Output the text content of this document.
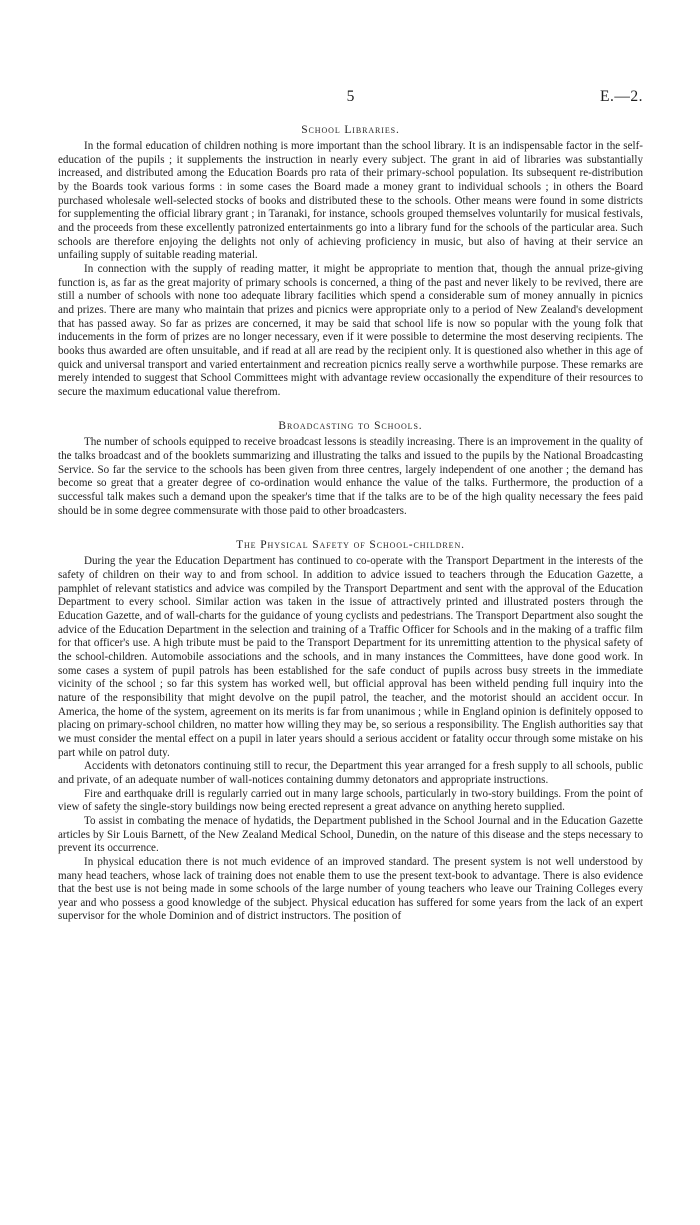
5	E.—2.
School Libraries.

In the formal education of children nothing is more important than the school library. It is an indispensable factor in the self-education of the pupils ; it supplements the instruction in nearly every subject. The grant in aid of libraries was substantially increased, and distributed among the Education Boards pro rata of their primary-school population. Its subsequent re-distribution by the Boards took various forms : in some cases the Board made a money grant to individual schools ; in others the Board purchased wholesale well-selected stocks of books and distributed these to the schools. Other means were found in some districts for supplementing the official library grant ; in Taranaki, for instance, schools grouped themselves voluntarily for musical festivals, and the proceeds from these excellently patronized entertainments go into a library fund for the schools of the particular area. Such schools are therefore enjoying the delights not only of achieving proficiency in music, but also of having at their service an unfailing supply of suitable reading material.

In connection with the supply of reading matter, it might be appropriate to mention that, though the annual prize-giving function is, as far as the great majority of primary schools is concerned, a thing of the past and never likely to be revived, there are still a number of schools with none too adequate library facilities which spend a considerable sum of money annually in picnics and prizes. There are many who maintain that prizes and picnics were appropriate only to a period of New Zealand's development that has passed away. So far as prizes are concerned, it may be said that school life is now so popular with the young folk that inducements in the form of prizes are no longer necessary, even if it were possible to determine the most deserving recipients. The books thus awarded are often unsuitable, and if read at all are read by the recipient only. It is questioned also whether in this age of quick and universal transport and varied entertainment and recreation picnics really serve a worthwhile purpose. These remarks are merely intended to suggest that School Committees might with advantage review occasionally the expenditure of their resources to secure the maximum educational value therefrom.

Broadcasting to Schools.

The number of schools equipped to receive broadcast lessons is steadily increasing. There is an improvement in the quality of the talks broadcast and of the booklets summarizing and illustrating the talks and issued to the pupils by the National Broadcasting Service. So far the service to the schools has been given from three centres, largely independent of one another ; the demand has become so great that a greater degree of co-ordination would enhance the value of the talks. Furthermore, the production of a successful talk makes such a demand upon the speaker's time that if the talks are to be of the high quality necessary the fees paid should be in some degree commensurate with those paid to other broadcasters.

The Physical Safety of School-children.

During the year the Education Department has continued to co-operate with the Transport Department in the interests of the safety of children on their way to and from school. In addition to advice issued to teachers through the Education Gazette, a pamphlet of relevant statistics and advice was compiled by the Transport Department and sent with the approval of the Education Department to every school. Similar action was taken in the issue of attractively printed and illustrated posters through the Education Gazette, and of wall-charts for the guidance of young cyclists and pedestrians. The Transport Department also sought the advice of the Education Department in the selection and training of a Traffic Officer for Schools and in the making of a traffic film for that officer's use. A high tribute must be paid to the Transport Department for its unremitting attention to the physical safety of the school-children. Automobile associations and the schools, and in many instances the Committees, have done good work. In some cases a system of pupil patrols has been established for the safe conduct of pupils across busy streets in the immediate vicinity of the school ; so far this system has worked well, but official approval has been witheld pending full inquiry into the nature of the responsibility that might devolve on the pupil patrol, the teacher, and the motorist should an accident occur. In America, the home of the system, agreement on its merits is far from unanimous ; while in England opinion is definitely opposed to placing on primary-school children, no matter how willing they may be, so serious a responsibility. The English authorities say that we must consider the mental effect on a pupil in later years should a serious accident or fatality occur through some mistake on his part while on patrol duty.

Accidents with detonators continuing still to recur, the Department this year arranged for a fresh supply to all schools, public and private, of an adequate number of wall-notices containing dummy detonators and appropriate instructions.

Fire and earthquake drill is regularly carried out in many large schools, particularly in two-story buildings. From the point of view of safety the single-story buildings now being erected represent a great advance on anything hereto supplied.

To assist in combating the menace of hydatids, the Department published in the School Journal and in the Education Gazette articles by Sir Louis Barnett, of the New Zealand Medical School, Dunedin, on the nature of this disease and the steps necessary to prevent its occurrence.

In physical education there is not much evidence of an improved standard. The present system is not well understood by many head teachers, whose lack of training does not enable them to use the present text-book to advantage. There is also evidence that the best use is not being made in some schools of the large number of young teachers who leave our Training Colleges every year and who possess a good knowledge of the subject. Physical education has suffered for some years from the lack of an expert supervisor for the whole Dominion and of district instructors. The position of
